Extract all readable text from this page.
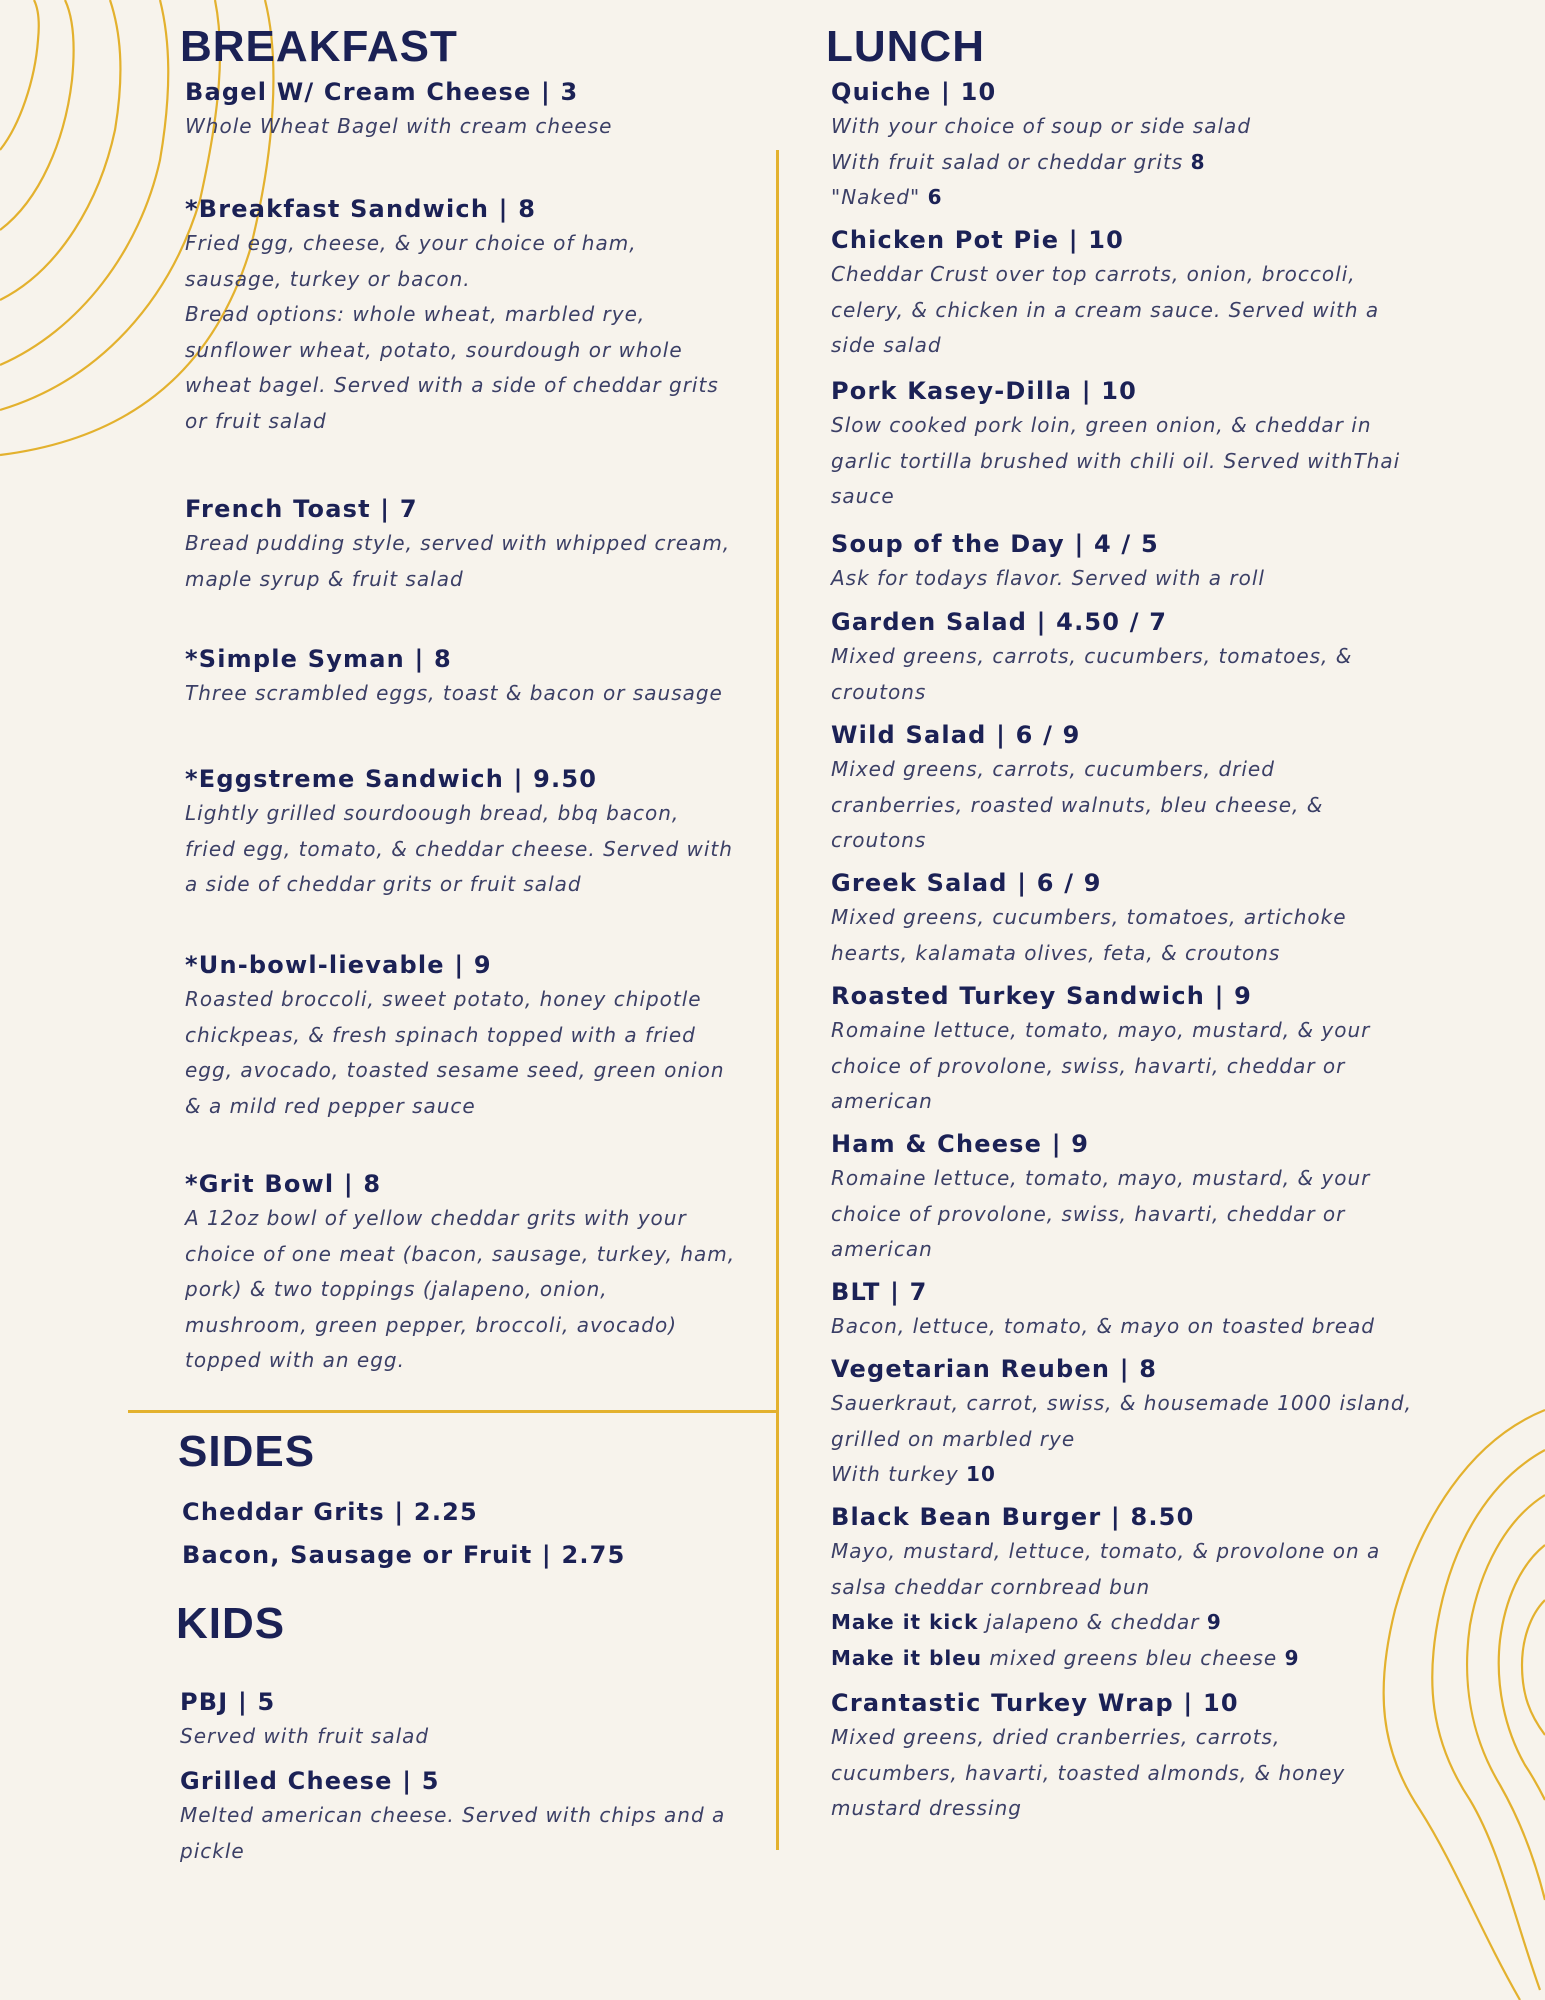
BREAKFAST
Bagel W/ Cream Cheese | 3
Whole Wheat Bagel with cream cheese
*Breakfast Sandwich | 8
Fried egg, cheese, & your choice of ham,
sausage, turkey or bacon.
Bread options: whole wheat, marbled rye,
sunflower wheat, potato, sourdough or whole
wheat bagel. Served with a side of cheddar grits
or fruit salad
French Toast | 7
Bread pudding style, served with whipped cream,
maple syrup & fruit salad
*Simple Syman | 8
Three scrambled eggs, toast & bacon or sausage
*Eggstreme Sandwich | 9.50
Lightly grilled sourdoough bread, bbq bacon,
fried egg, tomato, & cheddar cheese. Served with
a side of cheddar grits or fruit salad
*Un-bowl-lievable | 9
Roasted broccoli, sweet potato, honey chipotle
chickpeas, & fresh spinach topped with a fried
egg, avocado, toasted sesame seed, green onion
& a mild red pepper sauce
*Grit Bowl | 8
A 12oz bowl of yellow cheddar grits with your
choice of one meat (bacon, sausage, turkey, ham,
pork) & two toppings (jalapeno, onion,
mushroom, green pepper, broccoli, avocado)
topped with an egg.
SIDES
Cheddar Grits | 2.25
Bacon, Sausage or Fruit | 2.75
KIDS
PBJ | 5
Served with fruit salad
Grilled Cheese | 5
Melted american cheese. Served with chips and a
pickle
LUNCH
Quiche | 10
With your choice of soup or side salad
With fruit salad or cheddar grits 8
"Naked" 6
Chicken Pot Pie | 10
Cheddar Crust over top carrots, onion, broccoli,
celery, & chicken in a cream sauce. Served with a
side salad
Pork Kasey-Dilla | 10
Slow cooked pork loin, green onion, & cheddar in
garlic tortilla brushed with chili oil. Served withThai
sauce
Soup of the Day | 4 / 5
Ask for todays flavor. Served with a roll
Garden Salad | 4.50 / 7
Mixed greens, carrots, cucumbers, tomatoes, &
croutons
Wild Salad | 6 / 9
Mixed greens, carrots, cucumbers, dried
cranberries, roasted walnuts, bleu cheese, &
croutons
Greek Salad | 6 / 9
Mixed greens, cucumbers, tomatoes, artichoke
hearts, kalamata olives, feta, & croutons
Roasted Turkey Sandwich | 9
Romaine lettuce, tomato, mayo, mustard, & your
choice of provolone, swiss, havarti, cheddar or
american
Ham & Cheese | 9
Romaine lettuce, tomato, mayo, mustard, & your
choice of provolone, swiss, havarti, cheddar or
american
BLT | 7
Bacon, lettuce, tomato, & mayo on toasted bread
Vegetarian Reuben | 8
Sauerkraut, carrot, swiss, & housemade 1000 island,
grilled on marbled rye
With turkey 10
Black Bean Burger | 8.50
Mayo, mustard, lettuce, tomato, & provolone on a
salsa cheddar cornbread bun
Make it kick jalapeno & cheddar 9
Make it bleu mixed greens bleu cheese 9
Crantastic Turkey Wrap | 10
Mixed greens, dried cranberries, carrots,
cucumbers, havarti, toasted almonds, & honey
mustard dressing
